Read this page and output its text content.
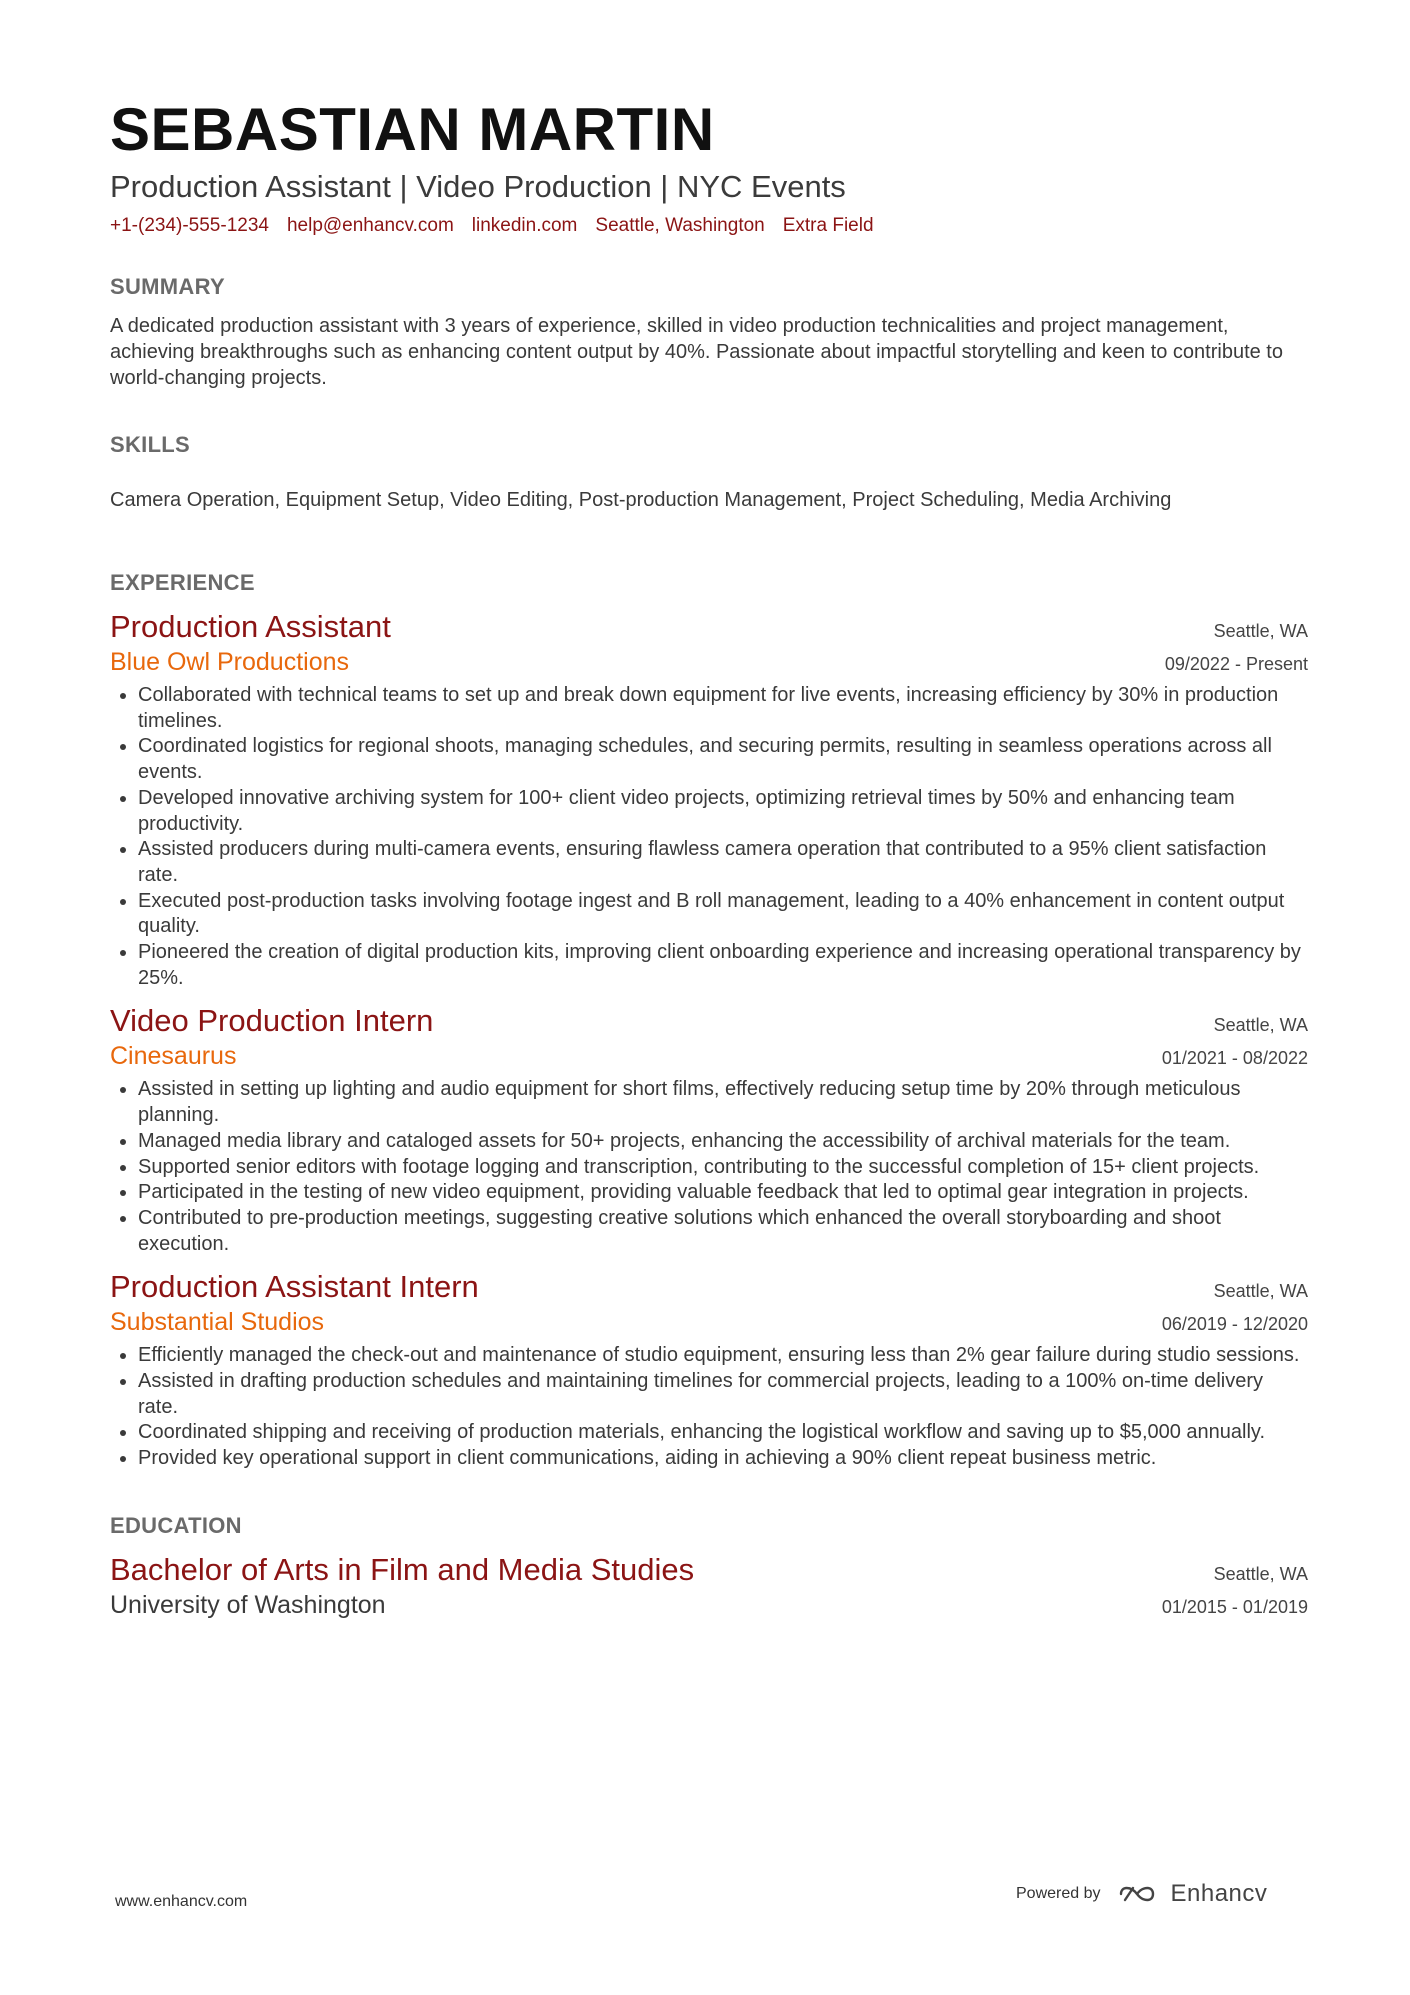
SEBASTIAN MARTIN
Production Assistant | Video Production | NYC Events
+1-(234)-555-1234 help@enhancv.com linkedin.com Seattle, Washington Extra Field
SUMMARY

A dedicated production assistant with 3 years of experience, skilled in video production technicalities and project management, achieving breakthroughs such as enhancing content output by 40%. Passionate about impactful storytelling and keen to contribute to world-changing projects.

SKILLS

Camera Operation, Equipment Setup, Video Editing, Post-production Management, Project Scheduling, Media Archiving

EXPERIENCE
Production Assistant	Seattle, WA
Blue Owl Productions	09/2022 - Present
• Collaborated with technical teams to set up and break down equipment for live events, increasing efficiency by 30% in production timelines.
• Coordinated logistics for regional shoots, managing schedules, and securing permits, resulting in seamless operations across all events.
• Developed innovative archiving system for 100+ client video projects, optimizing retrieval times by 50% and enhancing team productivity.
• Assisted producers during multi-camera events, ensuring flawless camera operation that contributed to a 95% client satisfaction rate.
• Executed post-production tasks involving footage ingest and B roll management, leading to a 40% enhancement in content output quality.
• Pioneered the creation of digital production kits, improving client onboarding experience and increasing operational transparency by 25%.
Video Production Intern	Seattle, WA
Cinesaurus	01/2021 - 08/2022
• Assisted in setting up lighting and audio equipment for short films, effectively reducing setup time by 20% through meticulous planning.
• Managed media library and cataloged assets for 50+ projects, enhancing the accessibility of archival materials for the team.
• Supported senior editors with footage logging and transcription, contributing to the successful completion of 15+ client projects.
• Participated in the testing of new video equipment, providing valuable feedback that led to optimal gear integration in projects.
• Contributed to pre-production meetings, suggesting creative solutions which enhanced the overall storyboarding and shoot execution.
Production Assistant Intern	Seattle, WA
Substantial Studios	06/2019 - 12/2020
• Efficiently managed the check-out and maintenance of studio equipment, ensuring less than 2% gear failure during studio sessions.
• Assisted in drafting production schedules and maintaining timelines for commercial projects, leading to a 100% on-time delivery rate.
• Coordinated shipping and receiving of production materials, enhancing the logistical workflow and saving up to $5,000 annually.
• Provided key operational support in client communications, aiding in achieving a 90% client repeat business metric.
EDUCATION
Bachelor of Arts in Film and Media Studies	Seattle, WA
University of Washington	01/2015 - 01/2019
www.enhancv.com	Powered by	Enhancv
